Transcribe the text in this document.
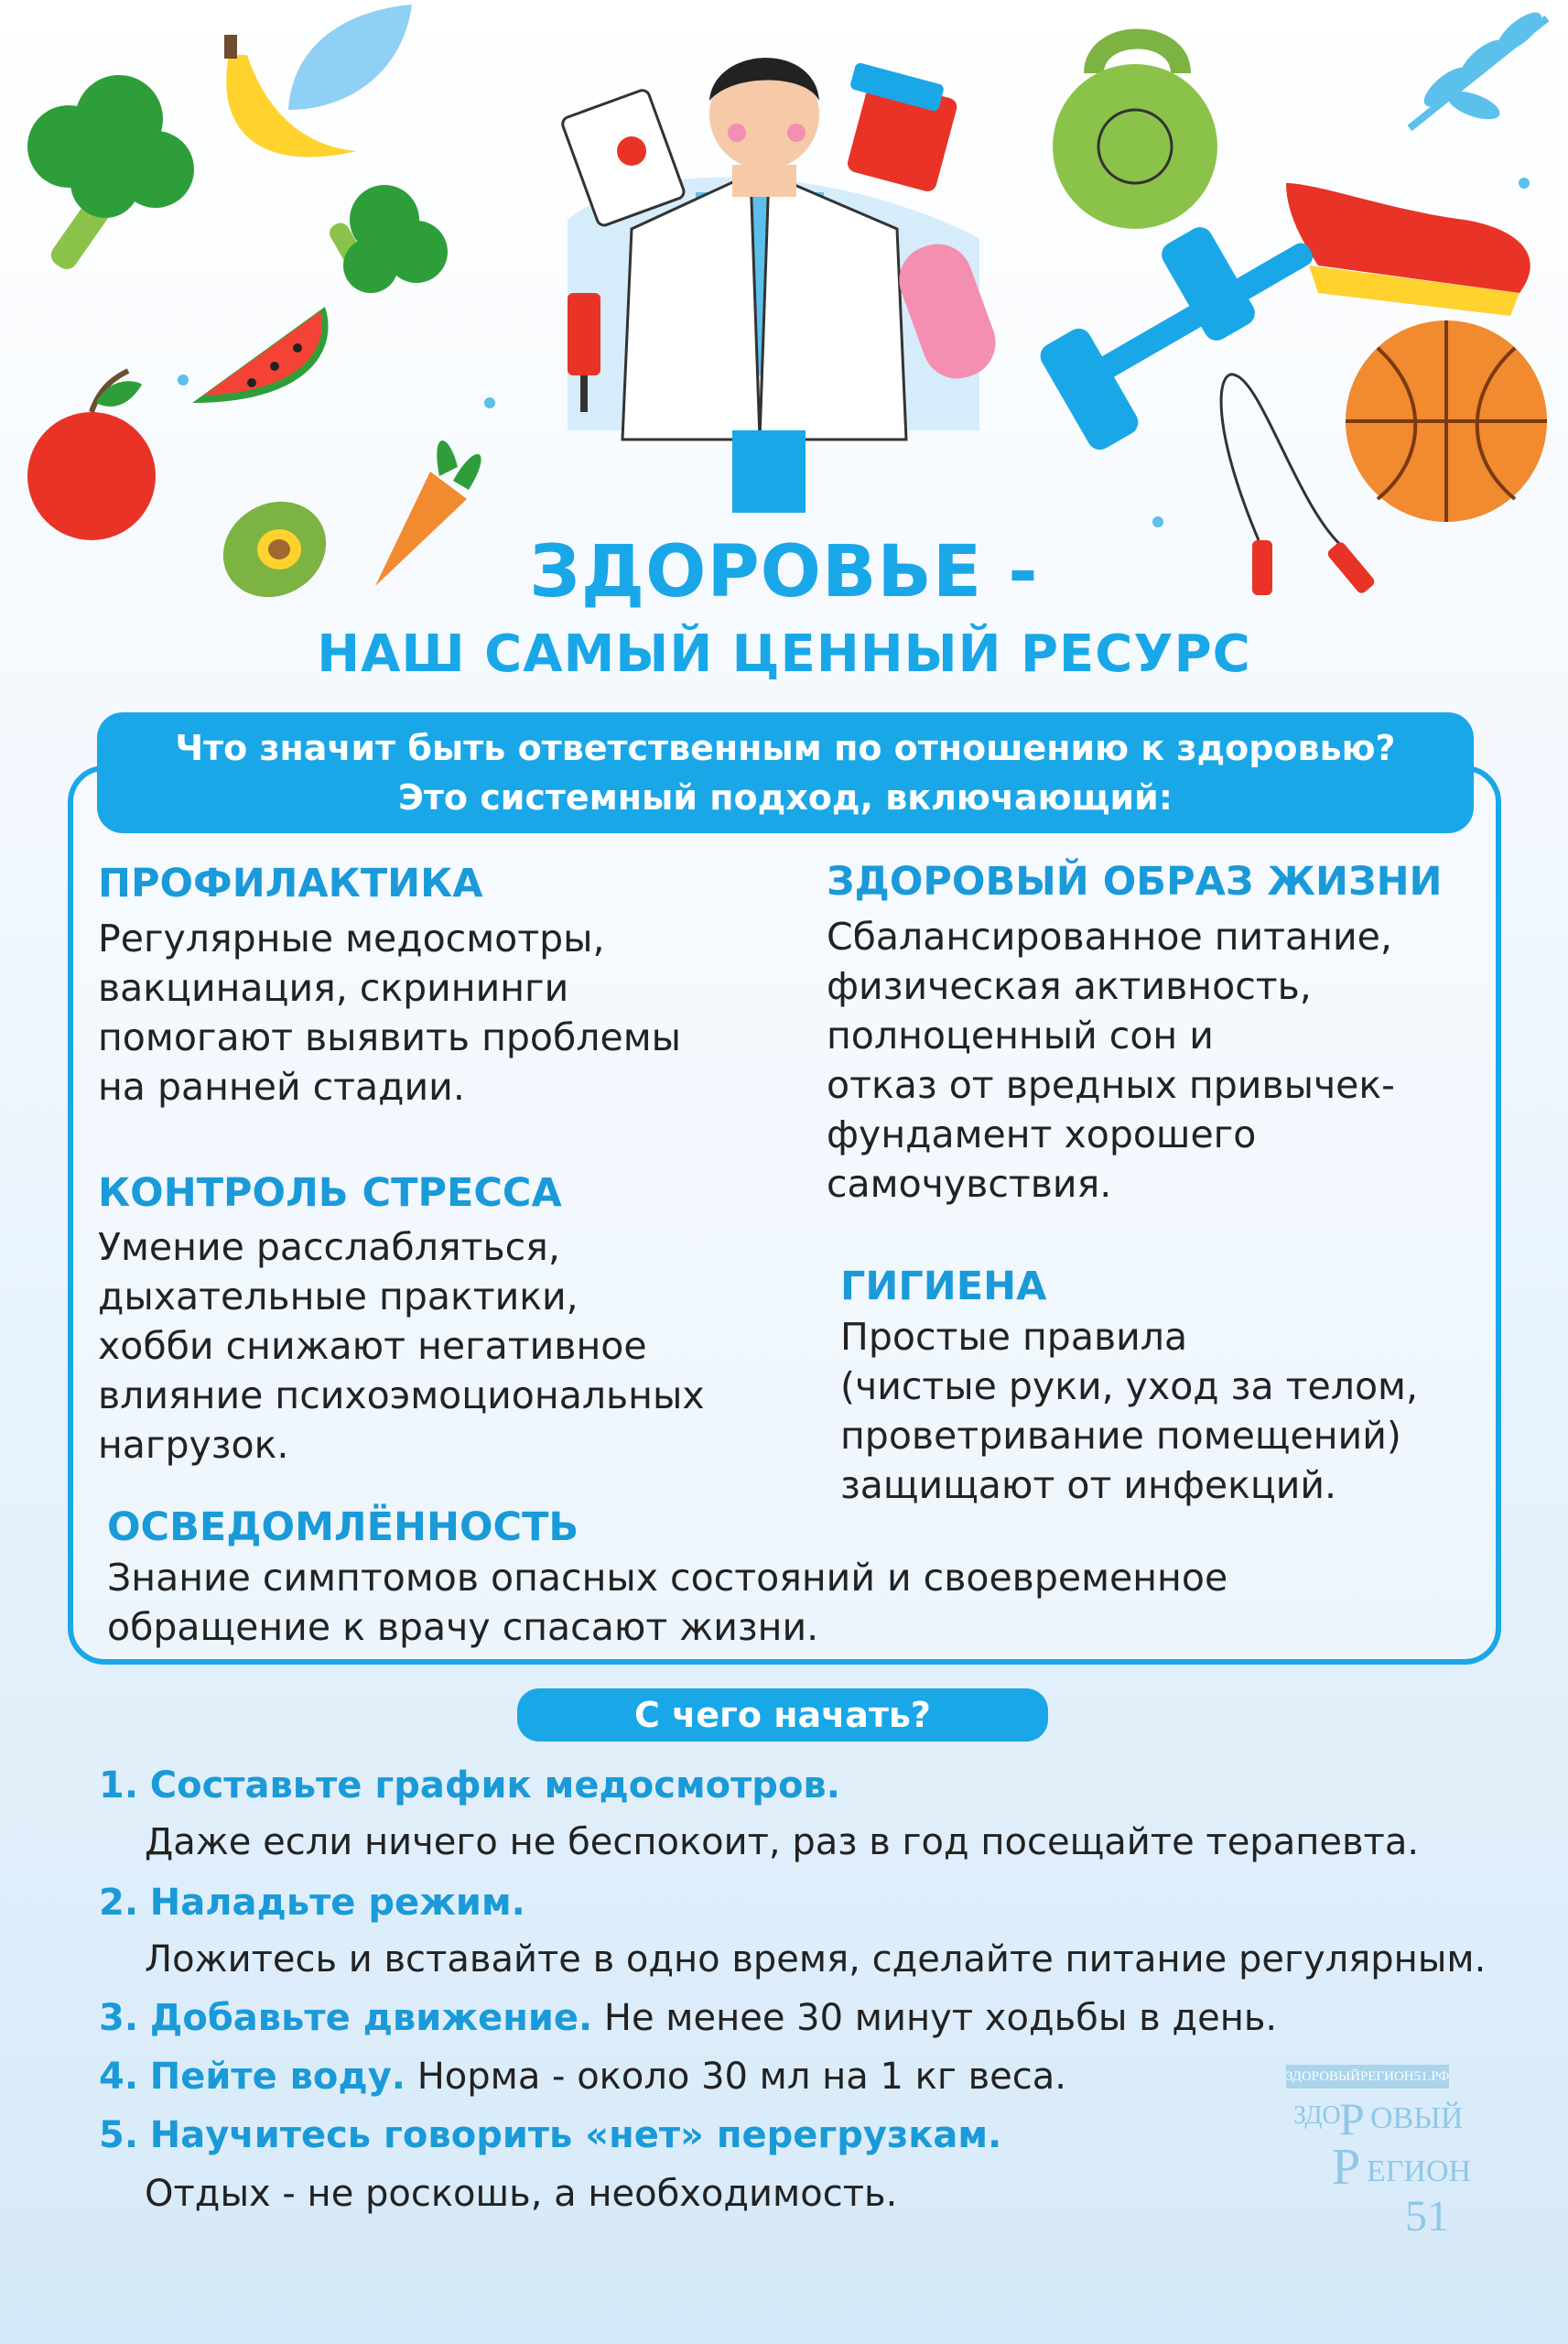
ЗДОРОВЬЕ -
НАШ САМЫЙ ЦЕННЫЙ РЕСУРС
Что значит быть ответственным по отношению к здоровью?
Это системный подход, включающий:
ПРОФИЛАКТИКА
Регулярные медосмотры,
вакцинация, скрининги
помогают выявить проблемы
на ранней стадии.
ЗДОРОВЫЙ ОБРАЗ ЖИЗНИ
Сбалансированное питание,
физическая активность,
полноценный сон и
отказ от вредных привычек-
фундамент хорошего
самочувствия.
КОНТРОЛЬ СТРЕССА
Умение расслабляться,
дыхательные практики,
хобби снижают негативное
влияние психоэмоциональных
нагрузок.
ГИГИЕНА
Простые правила
(чистые руки, уход за телом,
проветривание помещений)
защищают от инфекций.
ОСВЕДОМЛЁННОСТЬ
Знание симптомов опасных состояний и своевременное
обращение к врачу спасают жизни.
С чего начать?
1. Составьте график медосмотров.
Даже если ничего не беспокоит, раз в год посещайте терапевта.
2. Наладьте режим.
Ложитесь и вставайте в одно время, сделайте питание регулярным.
3. Добавьте движение. Не менее 30 минут ходьбы в день.
4. Пейте воду. Норма - около 30 мл на 1 кг веса.
5. Научитесь говорить «нет» перегрузкам.
Отдых - не роскошь, а необходимость.
ЗДОРОВЫЙРЕГИОН51.РФ
ЗДО
Р ОВЫЙ
Р ЕГИОН
51
